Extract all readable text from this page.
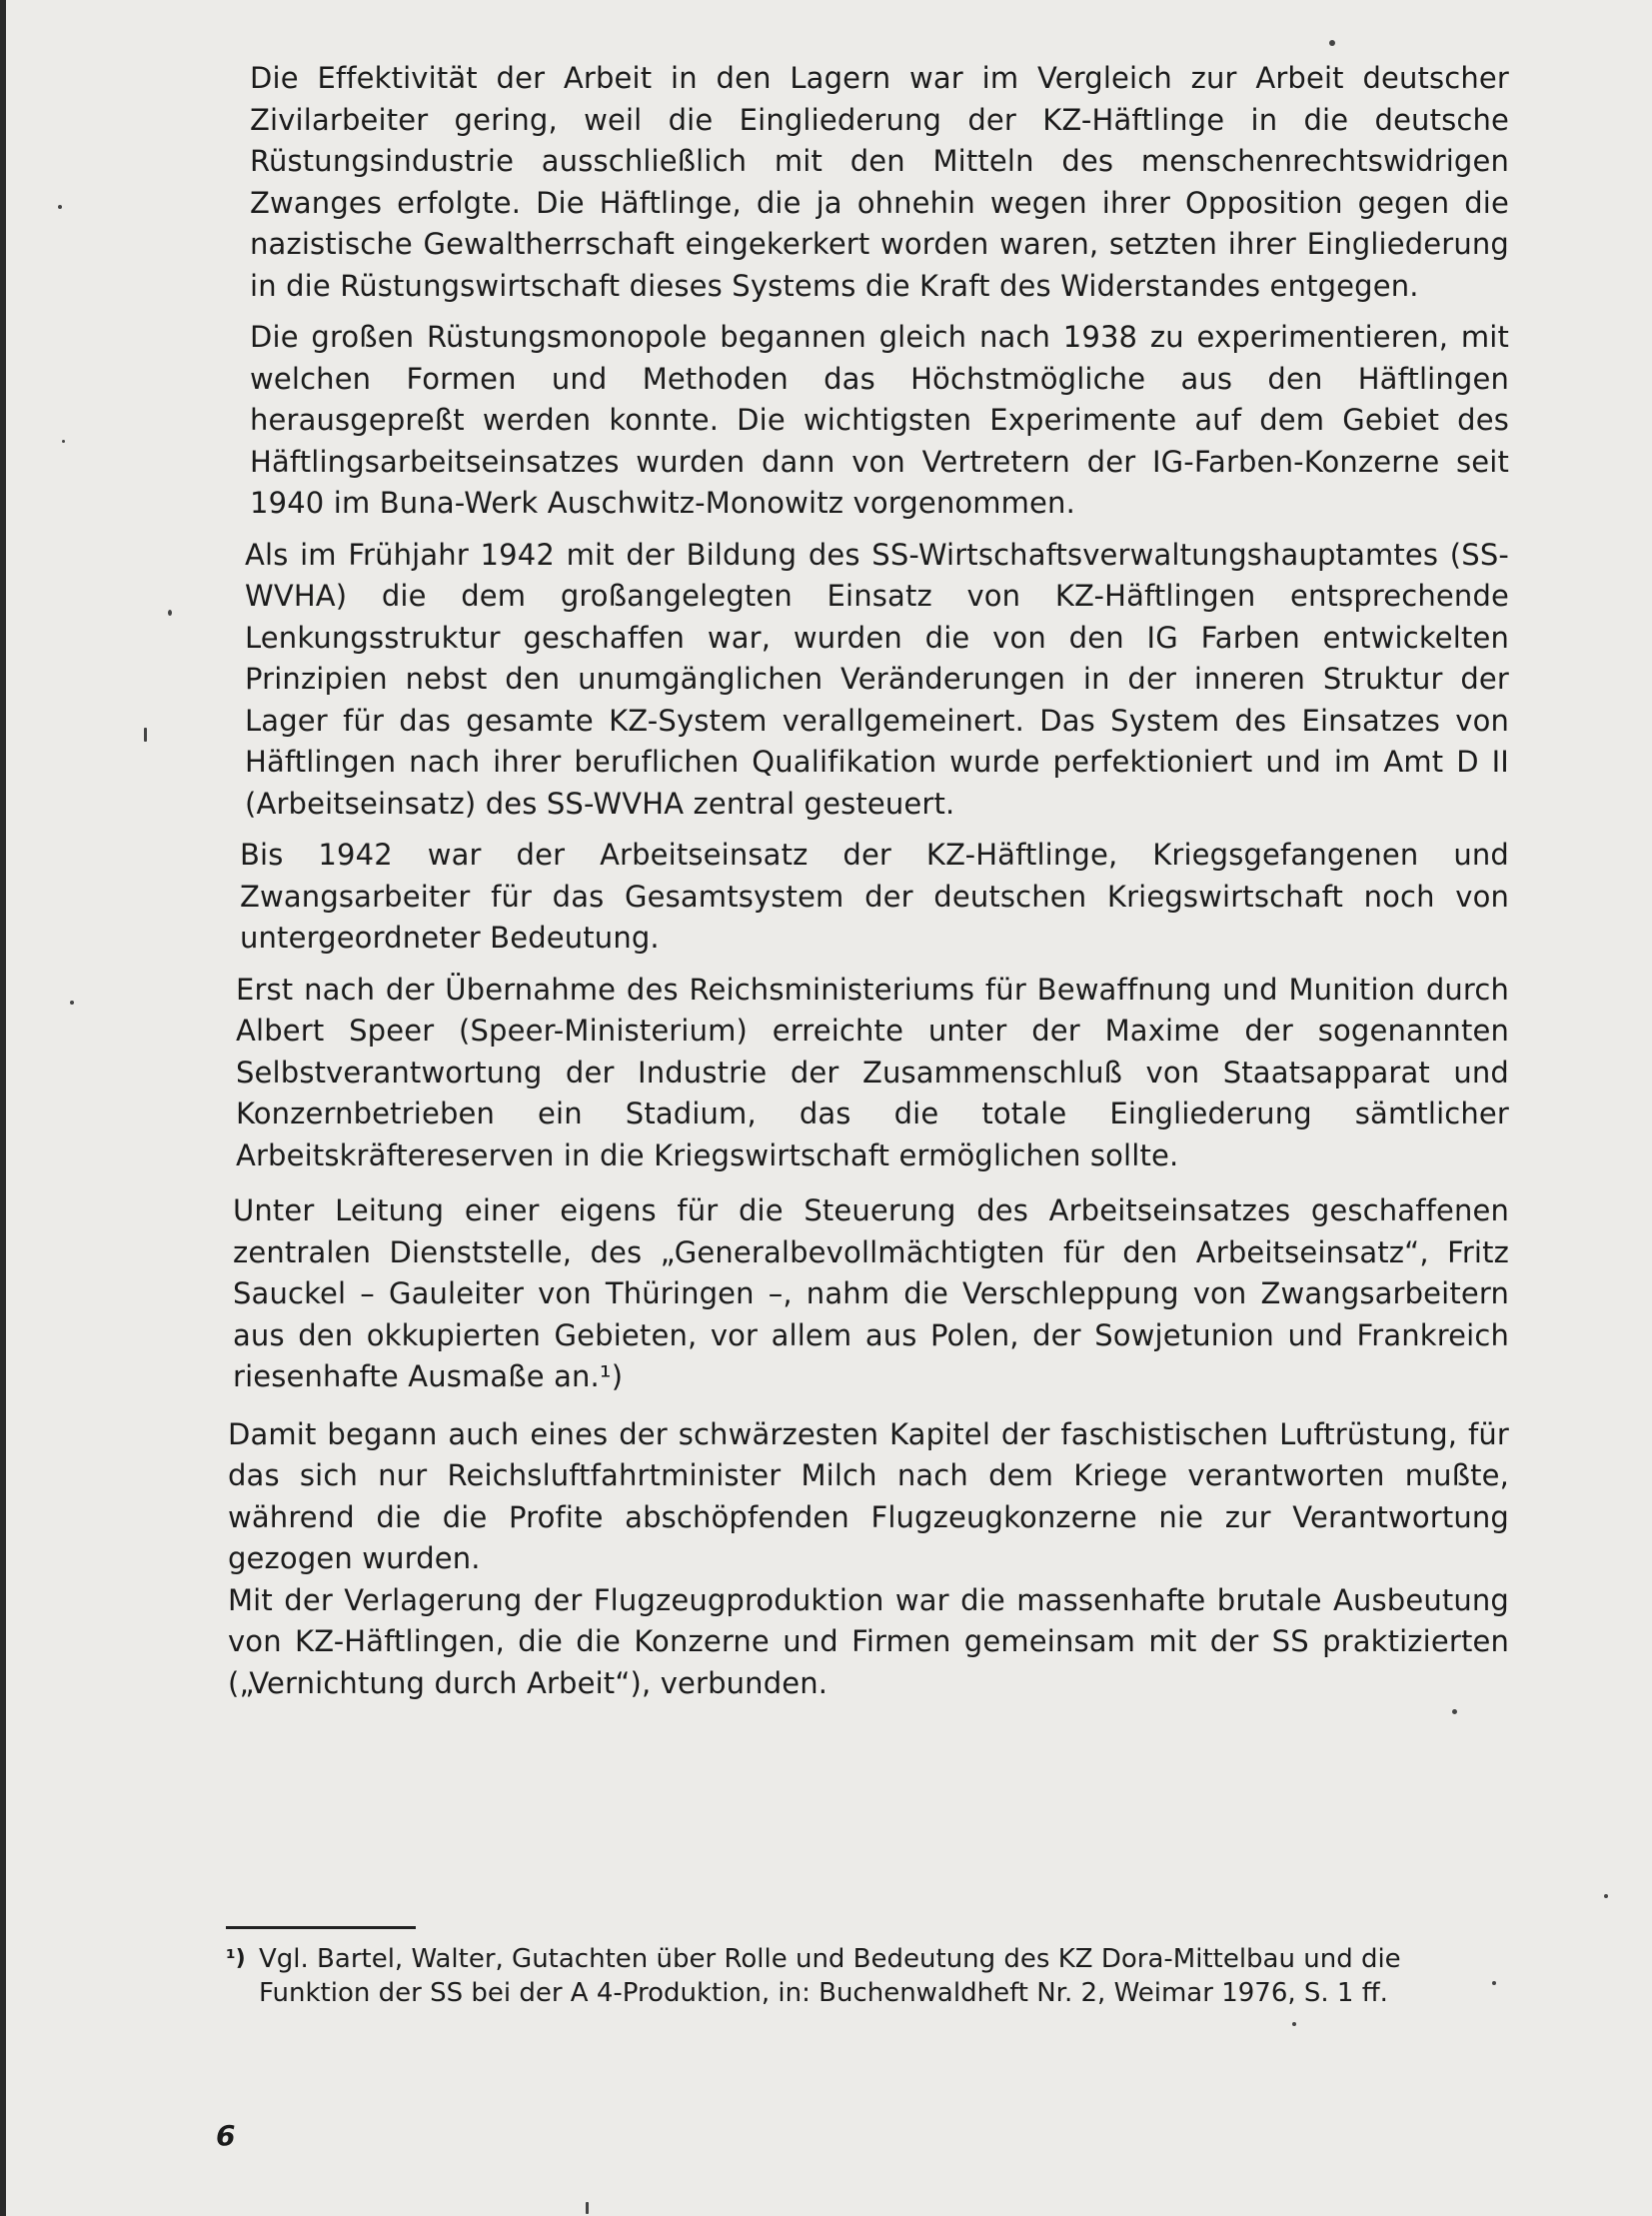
Die Effektivität der Arbeit in den Lagern war im Vergleich zur Arbeit deutscher Zivilarbeiter gering, weil die Eingliederung der KZ-Häftlinge in die deutsche Rüstungsindustrie ausschließlich mit den Mitteln des menschenrechtswidrigen Zwanges erfolgte. Die Häftlinge, die ja ohnehin wegen ihrer Opposition gegen die nazistische Gewaltherrschaft eingekerkert worden waren, setzten ihrer Eingliederung in die Rüstungswirtschaft dieses Systems die Kraft des Widerstandes entgegen.

Die großen Rüstungsmonopole begannen gleich nach 1938 zu experimentieren, mit welchen Formen und Methoden das Höchstmögliche aus den Häftlingen herausgepreßt werden konnte. Die wichtigsten Experimente auf dem Gebiet des Häftlingsarbeitseinsatzes wurden dann von Vertretern der IG-Farben-Konzerne seit 1940 im Buna-Werk Auschwitz-Monowitz vorgenommen.

Als im Frühjahr 1942 mit der Bildung des SS-Wirtschaftsverwaltungshauptamtes (SS-WVHA) die dem großangelegten Einsatz von KZ-Häftlingen entsprechende Lenkungsstruktur geschaffen war, wurden die von den IG Farben entwickelten Prinzipien nebst den unumgänglichen Veränderungen in der inneren Struktur der Lager für das gesamte KZ-System verallgemeinert. Das System des Einsatzes von Häftlingen nach ihrer beruflichen Qualifikation wurde perfektioniert und im Amt D II (Arbeitseinsatz) des SS-WVHA zentral gesteuert.

Bis 1942 war der Arbeitseinsatz der KZ-Häftlinge, Kriegsgefangenen und Zwangsarbeiter für das Gesamtsystem der deutschen Kriegswirtschaft noch von untergeordneter Bedeutung.

Erst nach der Übernahme des Reichsministeriums für Bewaffnung und Munition durch Albert Speer (Speer-Ministerium) erreichte unter der Maxime der sogenannten Selbstverantwortung der Industrie der Zusammenschluß von Staatsapparat und Konzernbetrieben ein Stadium, das die totale Eingliederung sämtlicher Arbeitskräftereserven in die Kriegswirtschaft ermöglichen sollte.

Unter Leitung einer eigens für die Steuerung des Arbeitseinsatzes geschaffenen zentralen Dienststelle, des „Generalbevollmächtigten für den Arbeitseinsatz“, Fritz Sauckel – Gauleiter von Thüringen –, nahm die Verschleppung von Zwangsarbeitern aus den okkupierten Gebieten, vor allem aus Polen, der Sowjetunion und Frankreich riesenhafte Ausmaße an.¹)

Damit begann auch eines der schwärzesten Kapitel der faschistischen Luftrüstung, für das sich nur Reichsluftfahrtminister Milch nach dem Kriege verantworten mußte, während die die Profite abschöpfenden Flugzeugkonzerne nie zur Verantwortung gezogen wurden.

Mit der Verlagerung der Flugzeugproduktion war die massenhafte brutale Ausbeutung von KZ-Häftlingen, die die Konzerne und Firmen gemeinsam mit der SS praktizierten („Vernichtung durch Arbeit“), verbunden.

¹) Vgl. Bartel, Walter, Gutachten über Rolle und Bedeutung des KZ Dora-Mittelbau und die Funktion der SS bei der A 4-Produktion, in: Buchenwaldheft Nr. 2, Weimar 1976, S. 1 ff.
6
